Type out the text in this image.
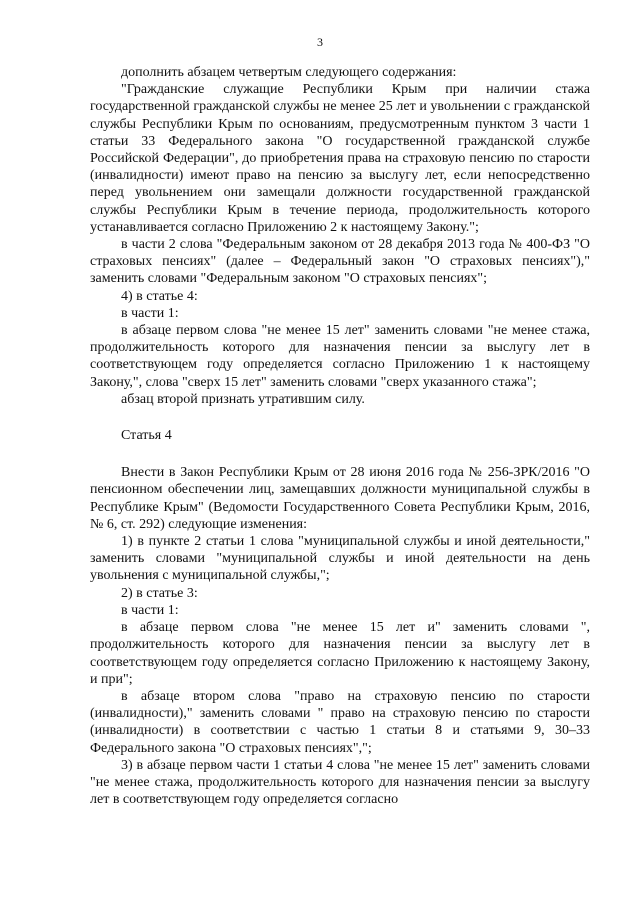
3

дополнить абзацем четвертым следующего содержания:

"Гражданские служащие Республики Крым при наличии стажа государственной гражданской службы не менее 25 лет и увольнении с гражданской службы Республики Крым по основаниям, предусмотренным пунктом 3 части 1 статьи 33 Федерального закона "О государственной гражданской службе Российской Федерации", до приобретения права на страховую пенсию по старости (инвалидности) имеют право на пенсию за выслугу лет, если непосредственно перед увольнением они замещали должности государственной гражданской службы Республики Крым в течение периода, продолжительность которого устанавливается согласно Приложению 2 к настоящему Закону.";

в части 2 слова "Федеральным законом от 28 декабря 2013 года № 400-ФЗ "О страховых пенсиях" (далее – Федеральный закон "О страховых пенсиях")," заменить словами "Федеральным законом "О страховых пенсиях";

4) в статье 4:

в части 1:

в абзаце первом слова "не менее 15 лет" заменить словами "не менее стажа, продолжительность которого для назначения пенсии за выслугу лет в соответствующем году определяется согласно Приложению 1 к настоящему Закону,", слова "сверх 15 лет" заменить словами "сверх указанного стажа";

абзац второй признать утратившим силу.

Статья 4

Внести в Закон Республики Крым от 28 июня 2016 года № 256-ЗРК/2016 "О пенсионном обеспечении лиц, замещавших должности муниципальной службы в Республике Крым" (Ведомости Государственного Совета Республики Крым, 2016, № 6, ст. 292) следующие изменения:

1) в пункте 2 статьи 1 слова "муниципальной службы и иной деятельности," заменить словами "муниципальной службы и иной деятельности на день увольнения с муниципальной службы,";

2) в статье 3:

в части 1:

в абзаце первом слова "не менее 15 лет и" заменить словами ", продолжительность которого для назначения пенсии за выслугу лет в соответствующем году определяется согласно Приложению к настоящему Закону, и при";

в абзаце втором слова "право на страховую пенсию по старости (инвалидности)," заменить словами " право на страховую пенсию по старости (инвалидности) в соответствии с частью 1 статьи 8 и статьями 9, 30–33 Федерального закона "О страховых пенсиях",";

3) в абзаце первом части 1 статьи 4 слова "не менее 15 лет" заменить словами "не менее стажа, продолжительность которого для назначения пенсии за выслугу лет в соответствующем году определяется согласно
